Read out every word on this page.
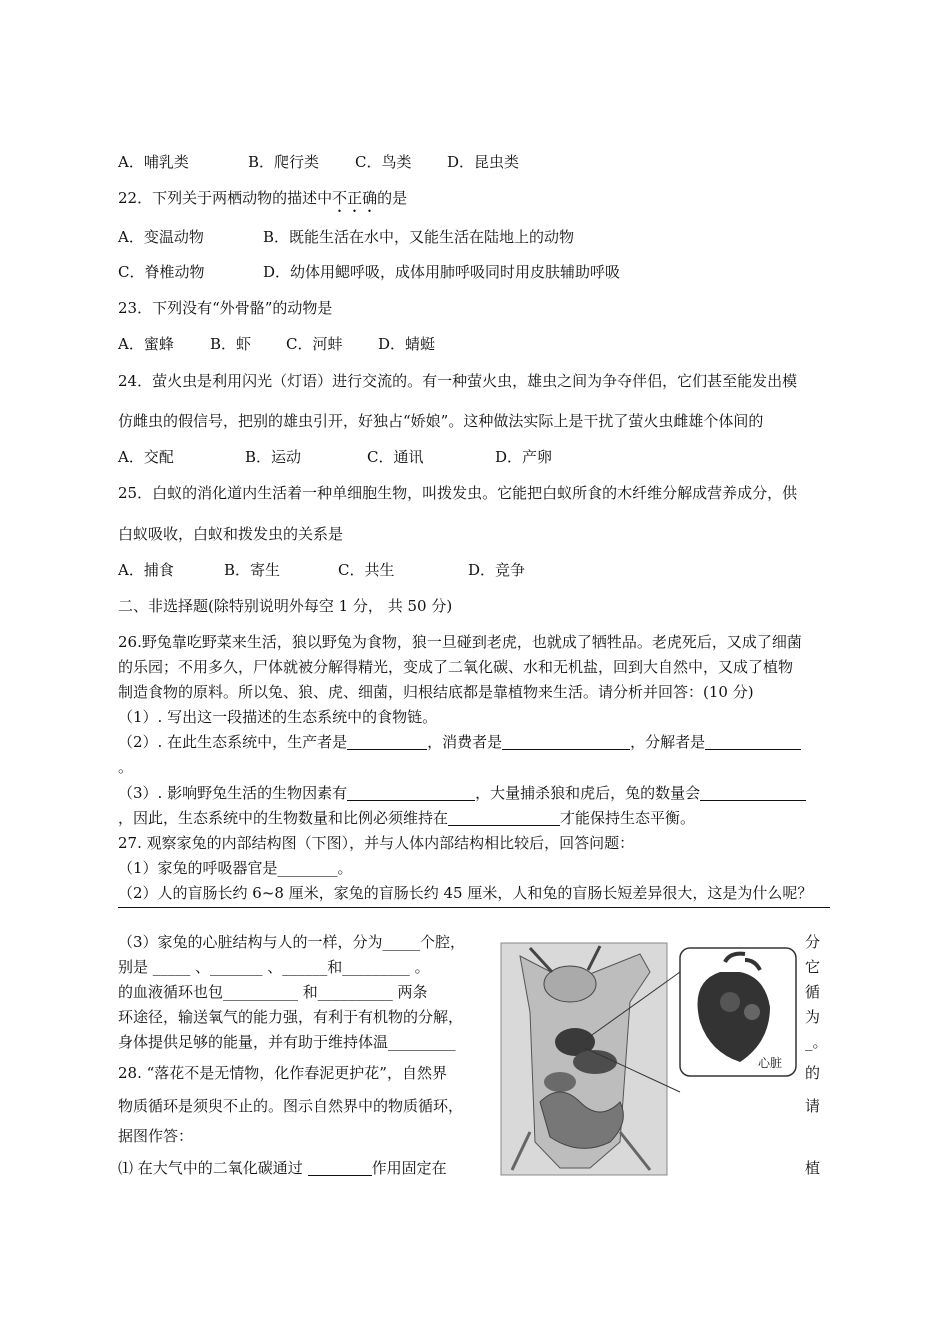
A．哺乳类	B．爬行类 C．鸟类 D．昆虫类
22．下列关于两栖动物的描述中不正确的是
A．变温动物	B．既能生活在水中，又能生活在陆地上的动物
C．脊椎动物	D．幼体用鳃呼吸，成体用肺呼吸同时用皮肤辅助呼吸
23．下列没有“外骨骼”的动物是
A．蜜蜂 B．虾 C．河蚌 D．蜻蜓
24．萤火虫是利用闪光（灯语）进行交流的。有一种萤火虫，雄虫之间为争夺伴侣，它们甚至能发出模
仿雌虫的假信号，把别的雄虫引开，好独占“娇娘”。这种做法实际上是干扰了萤火虫雌雄个体间的
A．交配	B．运动	C．通讯	D．产卵
25．白蚁的消化道内生活着一种单细胞生物，叫拨发虫。它能把白蚁所食的木纤维分解成营养成分，供
白蚁吸收，白蚁和拨发虫的关系是
A．捕食	B．寄生	C．共生	D．竞争
二、非选择题(除特别说明外每空 1 分， 共 50 分)
26.野兔靠吃野菜来生活，狼以野兔为食物，狼一旦碰到老虎，也就成了牺牲品。老虎死后，又成了细菌
的乐园；不用多久，尸体就被分解得精光，变成了二氧化碳、水和无机盐，回到大自然中，又成了植物
制造食物的原料。所以兔、狼、虎、细菌，归根结底都是靠植物来生活。请分析并回答：(10 分)
（1）. 写出这一段描述的生态系统中的食物链。
（2）. 在此生态系统中，生产者是	，消费者是	，分解者是
。
（3）. 影响野兔生活的生物因素有	，大量捕杀狼和虎后，兔的数量会
，因此，生态系统中的生物数量和比例必须维持在	才能保持生态平衡。
27. 观察家兔的内部结构图（下图），并与人体内部结构相比较后，回答问题：
（1）家兔的呼吸器官是________。
（2）人的盲肠长约 6~8 厘米，家兔的盲肠长约 45 厘米，人和兔的盲肠长短差异很大，这是为什么呢？
（3）家兔的心脏结构与人的一样，分为_____个腔，
别是 _____ 、_______ 、______和_________ 。
的血液循环也包__________ 和__________ 两条
环途径，输送氧气的能力强，有利于有机物的分解，
身体提供足够的能量，并有助于维持体温_________
分
它
循
为
_。
28. “落花不是无情物，化作春泥更护花”，自然界
物质循环是须臾不止的。图示自然界中的物质循环，
据图作答：
⑴ 在大气中的二氧化碳通过	作用固定在
的
请
植
心脏
